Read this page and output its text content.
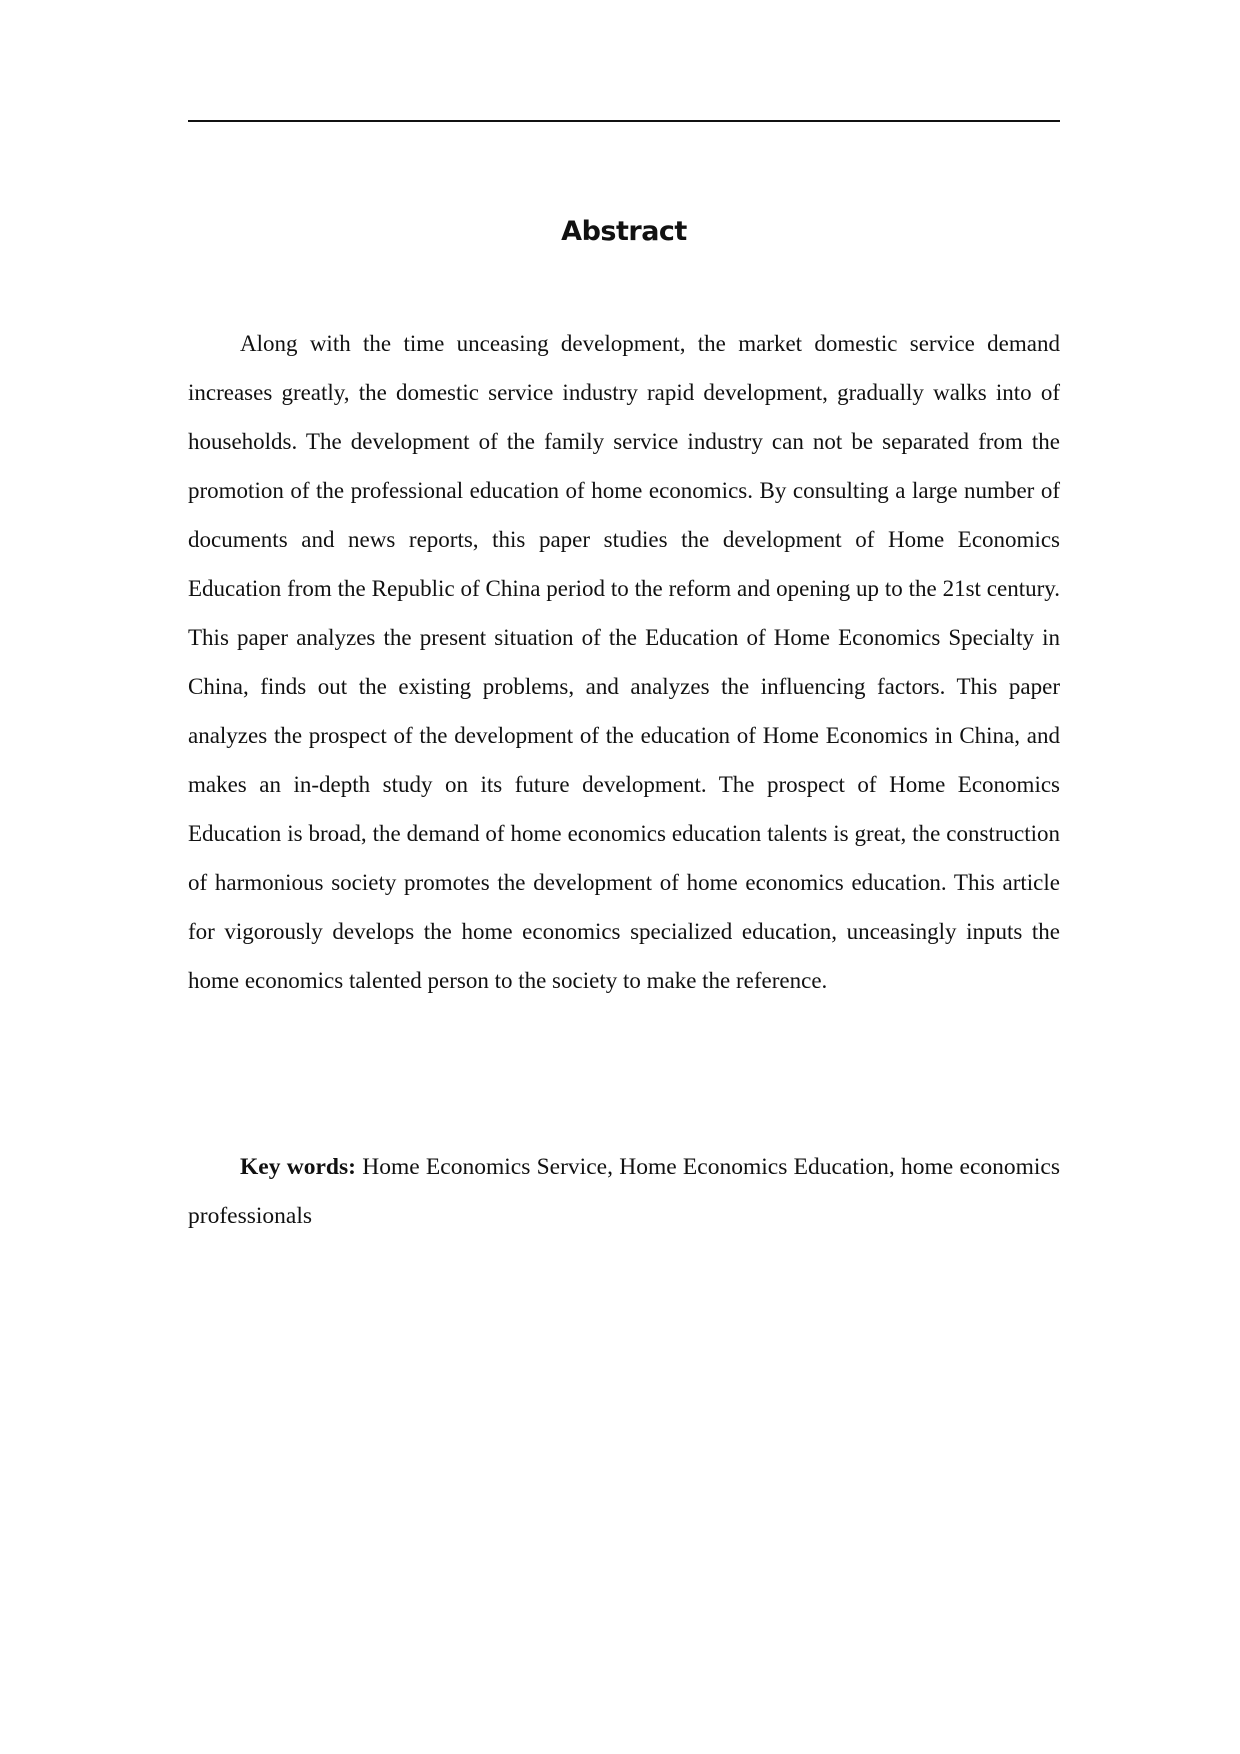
Abstract

Along with the time unceasing development, the market domestic service demand increases greatly, the domestic service industry rapid development, gradually walks into of households. The development of the family service industry can not be separated from the promotion of the professional education of home economics. By consulting a large number of documents and news reports, this paper studies the development of Home Economics Education from the Republic of China period to the reform and opening up to the 21st century. This paper analyzes the present situation of the Education of Home Economics Specialty in China, finds out the existing problems, and analyzes the influencing factors. This paper analyzes the prospect of the development of the education of Home Economics in China, and makes an in-depth study on its future development. The prospect of Home Economics Education is broad, the demand of home economics education talents is great, the construction of harmonious society promotes the development of home economics education. This article for vigorously develops the home economics specialized education, unceasingly inputs the home economics talented person to the society to make the reference.

Key words: Home Economics Service, Home Economics Education, home economics professionals
